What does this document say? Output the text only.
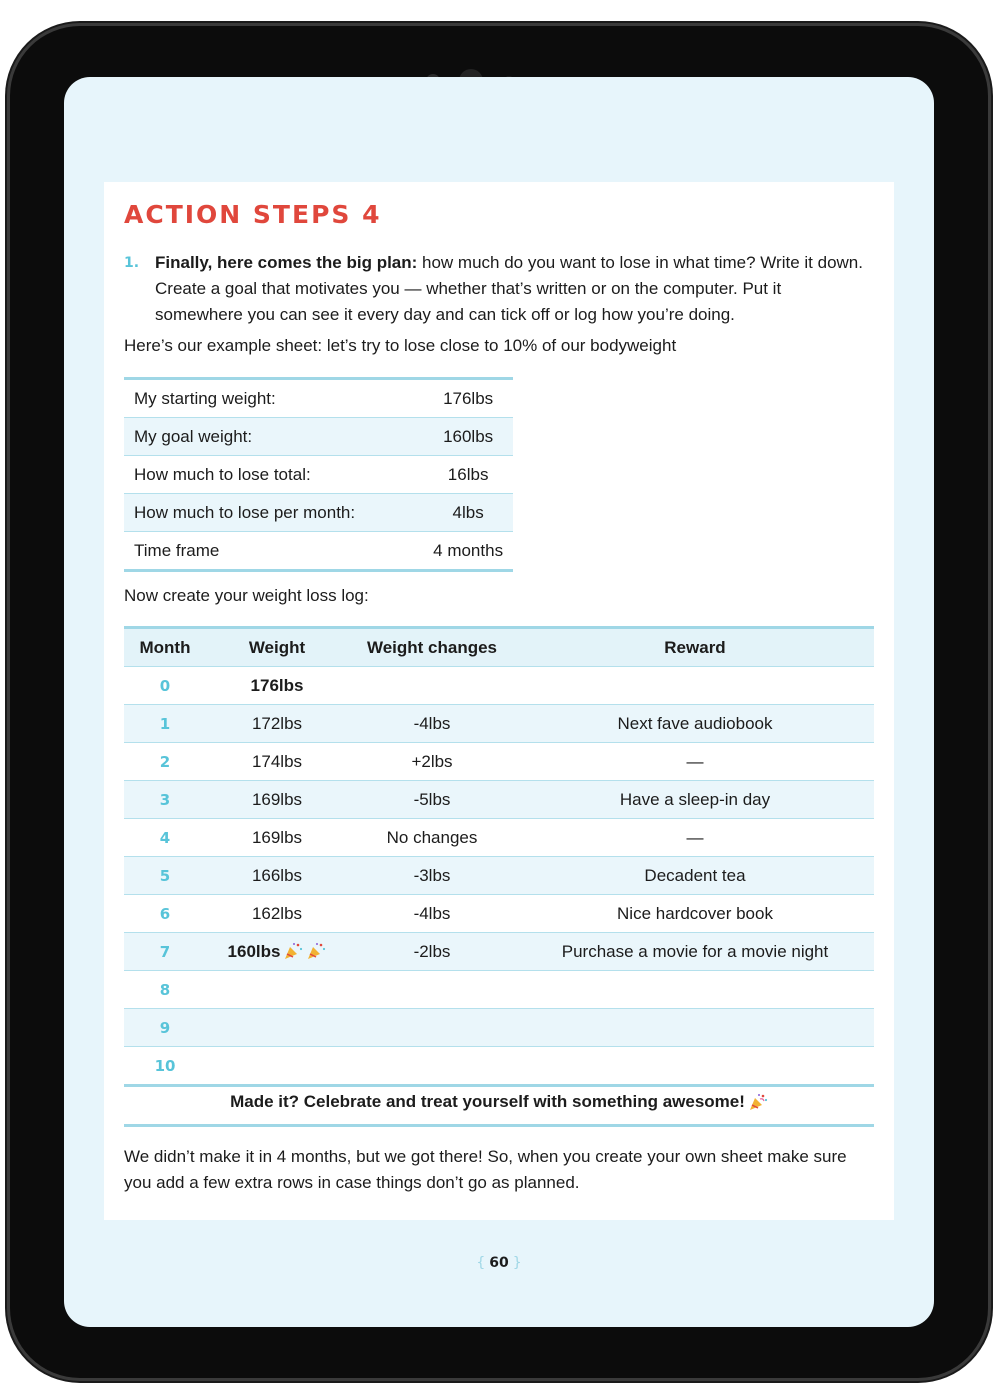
ACTION STEPS 4
1. Finally, here comes the big plan: how much do you want to lose in what time? Write it down. Create a goal that motivates you — whether that’s written or on the computer. Put it somewhere you can see it every day and can tick off or log how you’re doing.
Here’s our example sheet: let’s try to lose close to 10% of our bodyweight
My starting weight:	176lbs
My goal weight:	160lbs
How much to lose total:	16lbs
How much to lose per month:	4lbs
Time frame	4 months
Now create your weight loss log:
Month	Weight	Weight changes	Reward
0	176lbs
1	172lbs	-4lbs	Next fave audiobook
2	174lbs	+2lbs	—
3	169lbs	-5lbs	Have a sleep-in day
4	169lbs	No changes	—
5	166lbs	-3lbs	Decadent tea
6	162lbs	-4lbs	Nice hardcover book
7	160lbs	-2lbs	Purchase a movie for a movie night
8
9
10
Made it? Celebrate and treat yourself with something awesome!
We didn’t make it in 4 months, but we got there! So, when you create your own sheet make sure you add a few extra rows in case things don’t go as planned.
{ 60 }
